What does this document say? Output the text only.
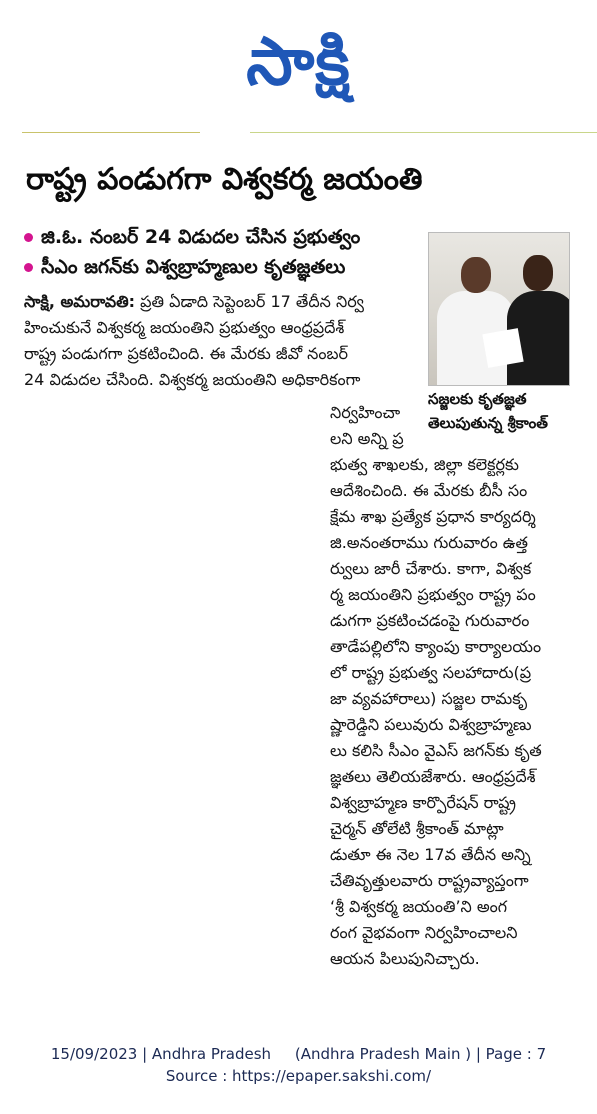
సాక్షి
రాష్ట్ర పండుగగా విశ్వకర్మ జయంతి
జి.ఓ. నంబర్ 24 విడుదల చేసిన ప్రభుత్వం
సీఎం జగన్‌కు విశ్వబ్రాహ్మణుల కృతజ్ఞతలు
సజ్జలకు కృతజ్ఞత
తెలుపుతున్న శ్రీకాంత్
సాక్షి, అమరావతి: ప్రతి ఏడాది సెప్టెంబర్ 17 తేదీన నిర్వ
హించుకునే విశ్వకర్మ జయంతిని ప్రభుత్వం ఆంధ్రప్రదేశ్
రాష్ట్ర పండుగగా ప్రకటించింది. ఈ మేరకు జీవో నంబర్
24 విడుదల చేసింది. విశ్వకర్మ జయంతిని అధికారికంగా
నిర్వహించా
లని అన్ని ప్ర
భుత్వ శాఖలకు, జిల్లా కలెక్టర్లకు
ఆదేశించింది. ఈ మేరకు బీసీ సం
క్షేమ శాఖ ప్రత్యేక ప్రధాన కార్యదర్శి
జి.అనంతరాము గురువారం ఉత్త
ర్వులు జారీ చేశారు. కాగా, విశ్వక
ర్మ జయంతిని ప్రభుత్వం రాష్ట్ర పం
డుగగా ప్రకటించడంపై గురువారం
తాడేపల్లిలోని క్యాంపు కార్యాలయం
లో రాష్ట్ర ప్రభుత్వ సలహాదారు(ప్ర
జా వ్యవహారాలు) సజ్జల రామకృ
ష్ణారెడ్డిని పలువురు విశ్వబ్రాహ్మణు
లు కలిసి సీఎం వైఎస్ జగన్‌కు కృత
జ్ఞతలు తెలియజేశారు. ఆంధ్రప్రదేశ్
విశ్వబ్రాహ్మణ కార్పొరేషన్ రాష్ట్ర
చైర్మన్ తోలేటి శ్రీకాంత్ మాట్లా
డుతూ ఈ నెల 17వ తేదీన అన్ని
చేతివృత్తులవారు రాష్ట్రవ్యాప్తంగా
‘శ్రీ విశ్వకర్మ జయంతి’ని అంగ
రంగ వైభవంగా నిర్వహించాలని
ఆయన పిలుపునిచ్చారు.
15/09/2023 | Andhra Pradesh     (Andhra Pradesh Main ) | Page : 7
Source : https://epaper.sakshi.com/
